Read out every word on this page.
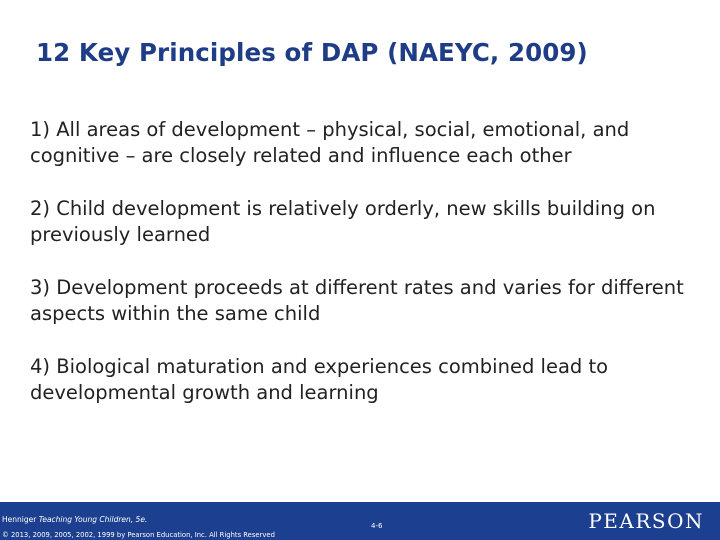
12 Key Principles of DAP (NAEYC, 2009)

1) All areas of development – physical, social, emotional, and cognitive – are closely related and influence each other

2) Child development is relatively orderly, new skills building on previously learned

3) Development proceeds at different rates and varies for different aspects within the same child

4) Biological maturation and experiences combined lead to developmental growth and learning

Henniger Teaching Young Children, 5e.
© 2013, 2009, 2005, 2002, 1999 by Pearson Education, Inc. All Rights Reserved
4-6	PEARSON
